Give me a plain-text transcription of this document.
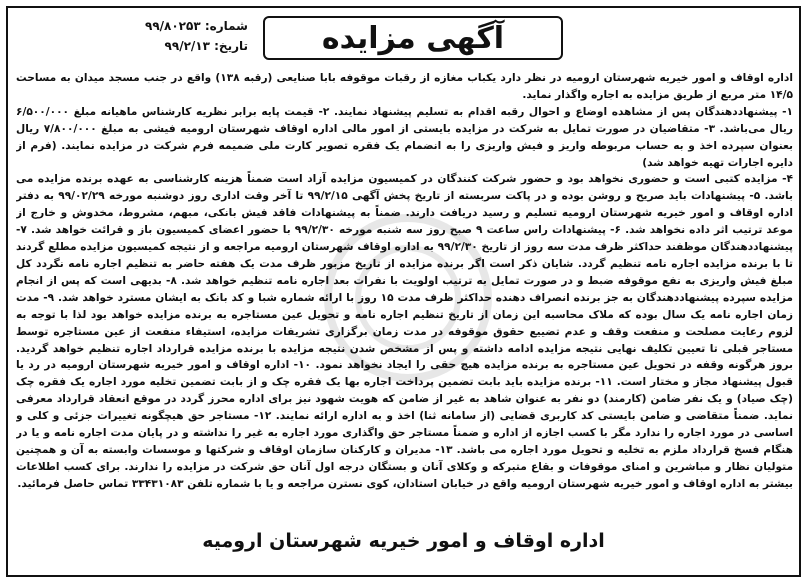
شماره: ۹۹/۸۰۲۵۳
تاریخ: ۹۹/۲/۱۳	آگهی مزایده

اداره اوقاف و امور خیریه شهرستان ارومیه در نظر دارد یکباب مغازه از رقبات موقوفه بابا صنایعی (رقبه ۱۳۸) واقع در جنب مسجد میدان به مساحت ۱۴/۵ متر مربع از طریق مزایده به اجاره واگذار نماید.

۱- پیشنهاددهندگان پس از مشاهده اوضاع و احوال رقبه اقدام به تسلیم پیشنهاد نمایند. ۲- قیمت پایه برابر نظریه کارشناس ماهیانه مبلغ ۶/۵۰۰/۰۰۰ ریال می‌باشد. ۳- متقاضیان در صورت تمایل به شرکت در مزایده بایستی از امور مالی اداره اوقاف شهرستان ارومیه فیشی به مبلغ ۷/۸۰۰/۰۰۰ ریال بعنوان سپرده اخذ و به حساب مربوطه واریز و فیش واریزی را به انضمام یک فقره تصویر کارت ملی ضمیمه فرم شرکت در مزایده نمایند. (فرم از دایره اجارات تهیه خواهد شد)

۴- مزایده کتبی است و حضوری نخواهد بود و حضور شرکت کنندگان در کمیسیون مزایده آزاد است ضمناً هزینه کارشناسی به عهده برنده مزایده می باشد. ۵- پیشنهادات باید صریح و روشن بوده و در پاکت سربسته از تاریخ پخش آگهی ۹۹/۲/۱۵ تا آخر وقت اداری روز دوشنبه مورخه ۹۹/۰۲/۲۹ به دفتر اداره اوقاف و امور خیریه شهرستان ارومیه تسلیم و رسید دریافت دارند. ضمناً به پیشنهادات فاقد فیش بانکی، مبهم، مشروط، مخدوش و خارج از موعد ترتیب اثر داده نخواهد شد. ۶- پیشنهادات راس ساعت ۹ صبح روز سه شنبه مورخه ۹۹/۲/۳۰ با حضور اعضای کمیسیون باز و قرائت خواهد شد. ۷- پیشنهاددهندگان موظفند حداکثر ظرف مدت سه روز از تاریخ ۹۹/۲/۳۰ به اداره اوقاف شهرستان ارومیه مراجعه و از نتیجه کمیسیون مزایده مطلع گردند تا با برنده مزایده اجاره نامه تنظیم گردد. شایان ذکر است اگر برنده مزایده از تاریخ مزبور ظرف مدت یک هفته حاضر به تنظیم اجاره نامه نگردد کل مبلغ فیش واریزی به نفع موقوفه ضبط و در صورت تمایل به ترتیب اولویت با نفرات بعد اجاره نامه تنظیم خواهد شد. ۸- بدیهی است که پس از انجام مزایده سپرده پیشنهاددهندگان به جز برنده انصراف دهنده حداکثر ظرف مدت ۱۵ روز با ارائه شماره شبا و کد بانک به ایشان مسترد خواهد شد. ۹- مدت زمان اجاره نامه یک سال بوده که ملاک محاسبه این زمان از تاریخ تنظیم اجاره نامه و تحویل عین مستاجره به برنده مزایده خواهد بود لذا با توجه به لزوم رعایت مصلحت و منفعت وقف و عدم تضییع حقوق موقوفه در مدت زمان برگزاری تشریفات مزایده، استیفاء منفعت از عین مستاجره توسط مستاجر قبلی تا تعیین تکلیف نهایی نتیجه مزایده ادامه داشته و پس از مشخص شدن نتیجه مزایده با برنده مزایده قرارداد اجاره تنظیم خواهد گردید. بروز هرگونه وقفه در تحویل عین مستاجره به برنده مزایده هیچ حقی را ایجاد نخواهد نمود. ۱۰- اداره اوقاف و امور خیریه شهرستان ارومیه در رد یا قبول پیشنهاد مجاز و مختار است. ۱۱- برنده مزایده باید بابت تضمین پرداخت اجاره بها یک فقره چک و از بابت تضمین تخلیه مورد اجاره یک فقره چک (چک صیاد) و یک نفر ضامن (کارمند) دو نفر به عنوان شاهد به غیر از ضامن که هویت شهود نیز برای اداره محرز گردد در موقع انعقاد قرارداد معرفی نماید. ضمناً متقاضی و ضامن بایستی کد کاربری قضایی (از سامانه ثنا) اخذ و به اداره ارائه نمایند. ۱۲- مستاجر حق هیچگونه تغییرات جزئی و کلی و اساسی در مورد اجاره را ندارد مگر با کسب اجازه از اداره و ضمناً مستاجر حق واگذاری مورد اجاره به غیر را نداشته و در پایان مدت اجاره نامه و یا در هنگام فسخ قرارداد ملزم به تخلیه و تحویل مورد اجاره می باشد. ۱۳- مدیران و کارکنان سازمان اوقاف و شرکتها و موسسات وابسته به آن و همچنین متولیان نظار و مباشرین و امنای موقوفات و بقاع متبرکه و وکلای آنان و بستگان درجه اول آنان حق شرکت در مزایده را ندارند. برای کسب اطلاعات بیشتر به اداره اوقاف و امور خیریه شهرستان ارومیه واقع در خیابان استادان، کوی نسترن مراجعه و یا با شماره تلفن ۳۳۴۳۱۰۸۳ تماس حاصل فرمائید.

اداره اوقاف و امور خیریه شهرستان ارومیه
